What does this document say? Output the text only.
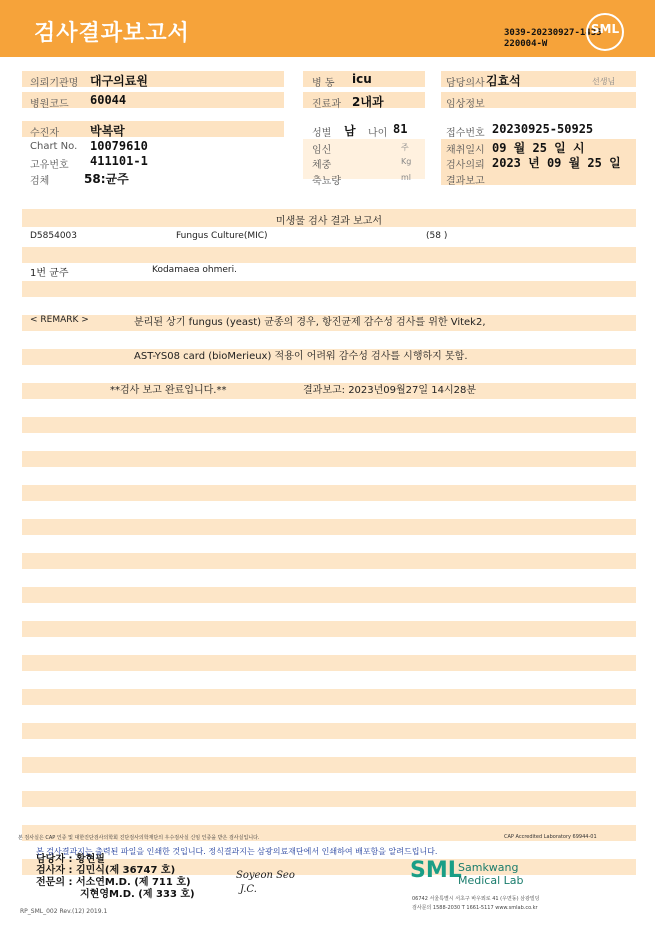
검사결과보고서	3039-20230927-1435
220004-W
SML
의뢰기관명 대구의료원
병원코드 60044
병 동 icu
진료과 2내과
담당의사 김효석	선생님
임상정보
수진자	박복락
Chart No. 10079610
고유번호 411101-1
검체	58:균주
성별 남 나이 81
임신	주
체중	Kg
축뇨량	ml
접수번호 20230925-50925
채취일시 09 월 25 일 시
검사의뢰 2023 년 09 월 25 일
결과보고
미생물 검사 결과 보고서
D5854003	Fungus Culture(MIC)	(58 )
1번 균주	Kodamaea ohmeri.
< REMARK >	분리된 상기 fungus (yeast) 균종의 경우, 항진균제 감수성 검사를 위한 Vitek2,
AST-YS08 card (bioMerieux) 적용이 어려워 감수성 검사를 시행하지 못함.
**검사 보고 완료입니다.**	결과보고: 2023년09월27일 14시28분
본 검사실은 CAP 인증 및 대한진단검사의학회 진단검사의학재단의 우수검사실 신임 인증을 받은 검사실입니다.	CAP Accredited Laboratory 69944-01
담당자 : 황현필
본 검사결과지는 출력된 파일을 인쇄한 것입니다. 정식결과지는 삼광의료재단에서 인쇄하여 배포함을 알려드립니다.
검사자 : 김민식(제 36747 호)
전문의 : 서소연M.D. (제 711 호)
지현영M.D. (제 333 호)
Soyeon Seo
J.C.
SML
Samkwang
Medical Lab
06742 서울특별시 서초구 바우뫼로 41 (우면동) 삼광빌딩
검사문의 1588-2030 T 1661-5117 www.smlab.co.kr
RP_SML_002 Rev.(12) 2019.1
